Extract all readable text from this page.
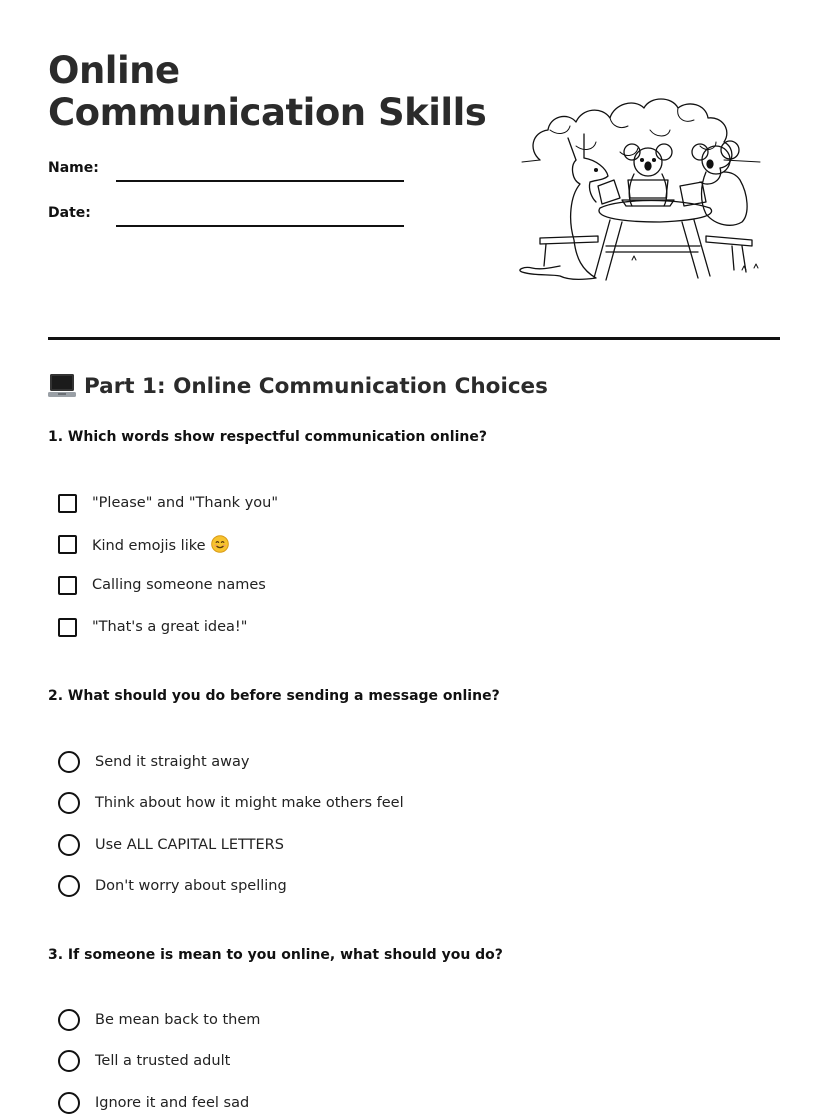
Online Communication Skills
Name:
Date:
Part 1: Online Communication Choices

1. Which words show respectful communication online?

"Please" and "Thank you"
Kind emojis like
Calling someone names
"That's a great idea!"

2. What should you do before sending a message online?

Send it straight away
Think about how it might make others feel
Use ALL CAPITAL LETTERS
Don't worry about spelling

3. If someone is mean to you online, what should you do?

Be mean back to them
Tell a trusted adult
Ignore it and feel sad
